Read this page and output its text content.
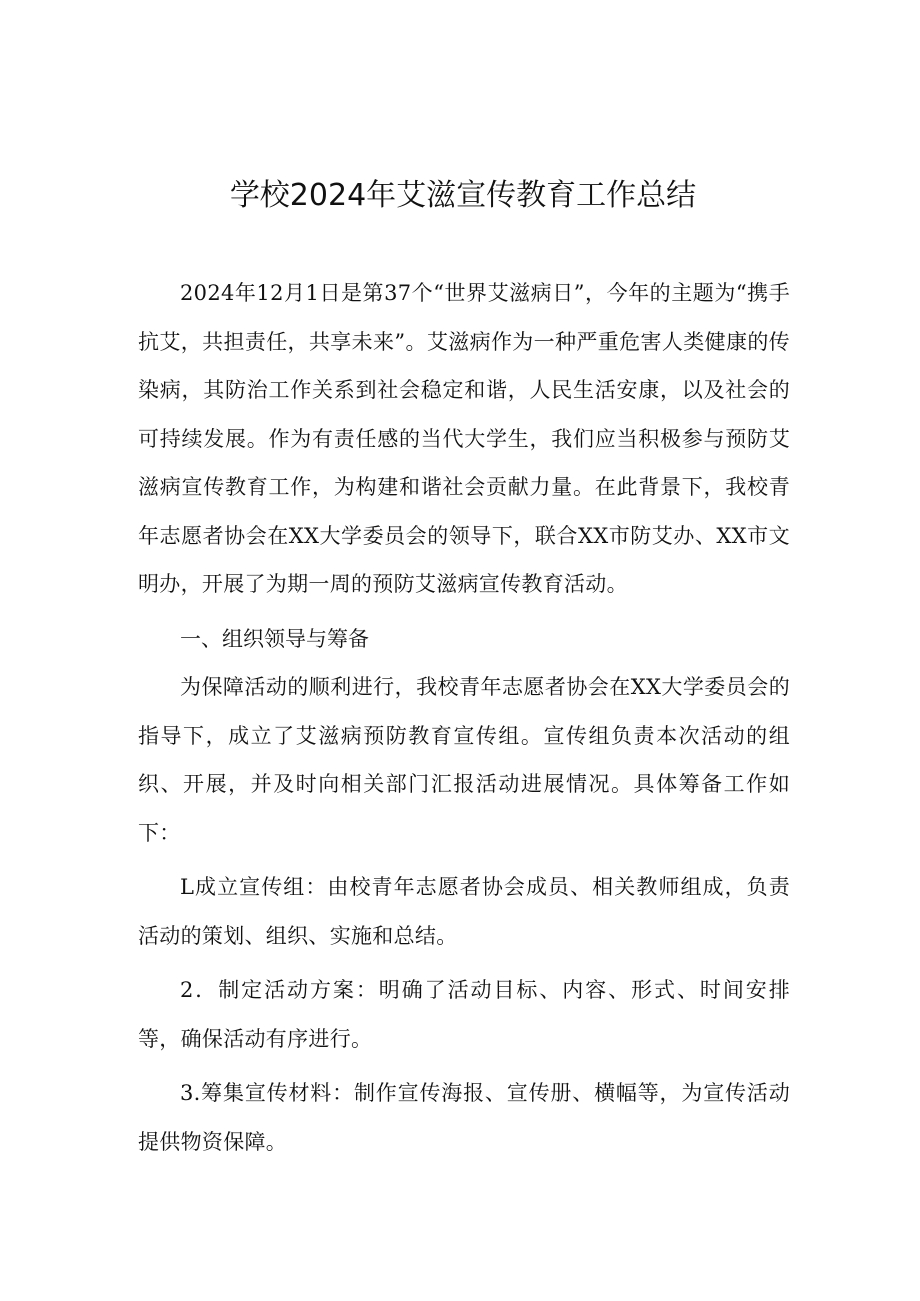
学校2024年艾滋宣传教育工作总结

2024年12月1日是第37个“世界艾滋病日”，今年的主题为“携手抗艾，共担责任，共享未来”。艾滋病作为一种严重危害人类健康的传染病，其防治工作关系到社会稳定和谐，人民生活安康，以及社会的可持续发展。作为有责任感的当代大学生，我们应当积极参与预防艾滋病宣传教育工作，为构建和谐社会贡献力量。在此背景下，我校青年志愿者协会在XX大学委员会的领导下，联合XX市防艾办、XX市文明办，开展了为期一周的预防艾滋病宣传教育活动。

一、组织领导与筹备

为保障活动的顺利进行，我校青年志愿者协会在XX大学委员会的指导下，成立了艾滋病预防教育宣传组。宣传组负责本次活动的组织、开展，并及时向相关部门汇报活动进展情况。具体筹备工作如下：

L成立宣传组：由校青年志愿者协会成员、相关教师组成，负责活动的策划、组织、实施和总结。

2．制定活动方案：明确了活动目标、内容、形式、时间安排等，确保活动有序进行。

3.筹集宣传材料：制作宣传海报、宣传册、横幅等，为宣传活动提供物资保障。
